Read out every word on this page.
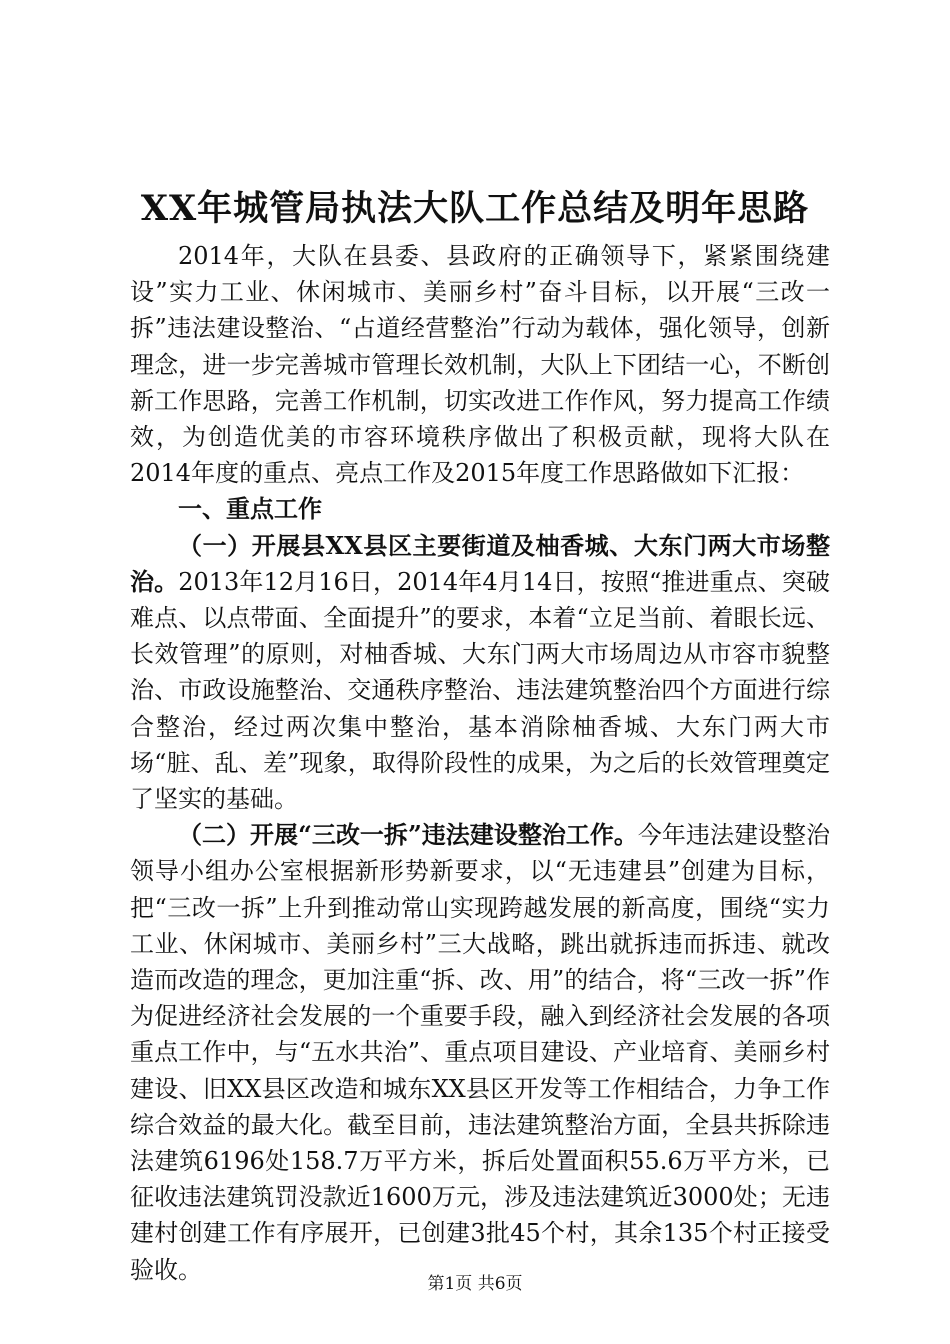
XX年城管局执法大队工作总结及明年思路

2014年，大队在县委、县政府的正确领导下，紧紧围绕建设”实力工业、休闲城市、美丽乡村”奋斗目标，以开展“三改一拆”违法建设整治、“占道经营整治”行动为载体，强化领导，创新理念，进一步完善城市管理长效机制，大队上下团结一心，不断创新工作思路，完善工作机制，切实改进工作作风，努力提高工作绩效，为创造优美的市容环境秩序做出了积极贡献，现将大队在2014年度的重点、亮点工作及2015年度工作思路做如下汇报：

一、重点工作

（一）开展县XX县区主要街道及柚香城、大东门两大市场整治。2013年12月16日，2014年4月14日，按照“推进重点、突破难点、以点带面、全面提升”的要求，本着“立足当前、着眼长远、长效管理”的原则，对柚香城、大东门两大市场周边从市容市貌整治、市政设施整治、交通秩序整治、违法建筑整治四个方面进行综合整治，经过两次集中整治，基本消除柚香城、大东门两大市场“脏、乱、差”现象，取得阶段性的成果，为之后的长效管理奠定了坚实的基础。

（二）开展“三改一拆”违法建设整治工作。今年违法建设整治领导小组办公室根据新形势新要求，以“无违建县”创建为目标，把“三改一拆”上升到推动常山实现跨越发展的新高度，围绕“实力工业、休闲城市、美丽乡村”三大战略，跳出就拆违而拆违、就改造而改造的理念，更加注重“拆、改、用”的结合，将“三改一拆”作为促进经济社会发展的一个重要手段，融入到经济社会发展的各项重点工作中，与“五水共治”、重点项目建设、产业培育、美丽乡村建设、旧XX县区改造和城东XX县区开发等工作相结合，力争工作综合效益的最大化。截至目前，违法建筑整治方面，全县共拆除违法建筑6196处158.7万平方米，拆后处置面积55.6万平方米，已征收违法建筑罚没款近1600万元，涉及违法建筑近3000处；无违建村创建工作有序展开，已创建3批45个村，其余135个村正接受验收。

第1页 共6页
